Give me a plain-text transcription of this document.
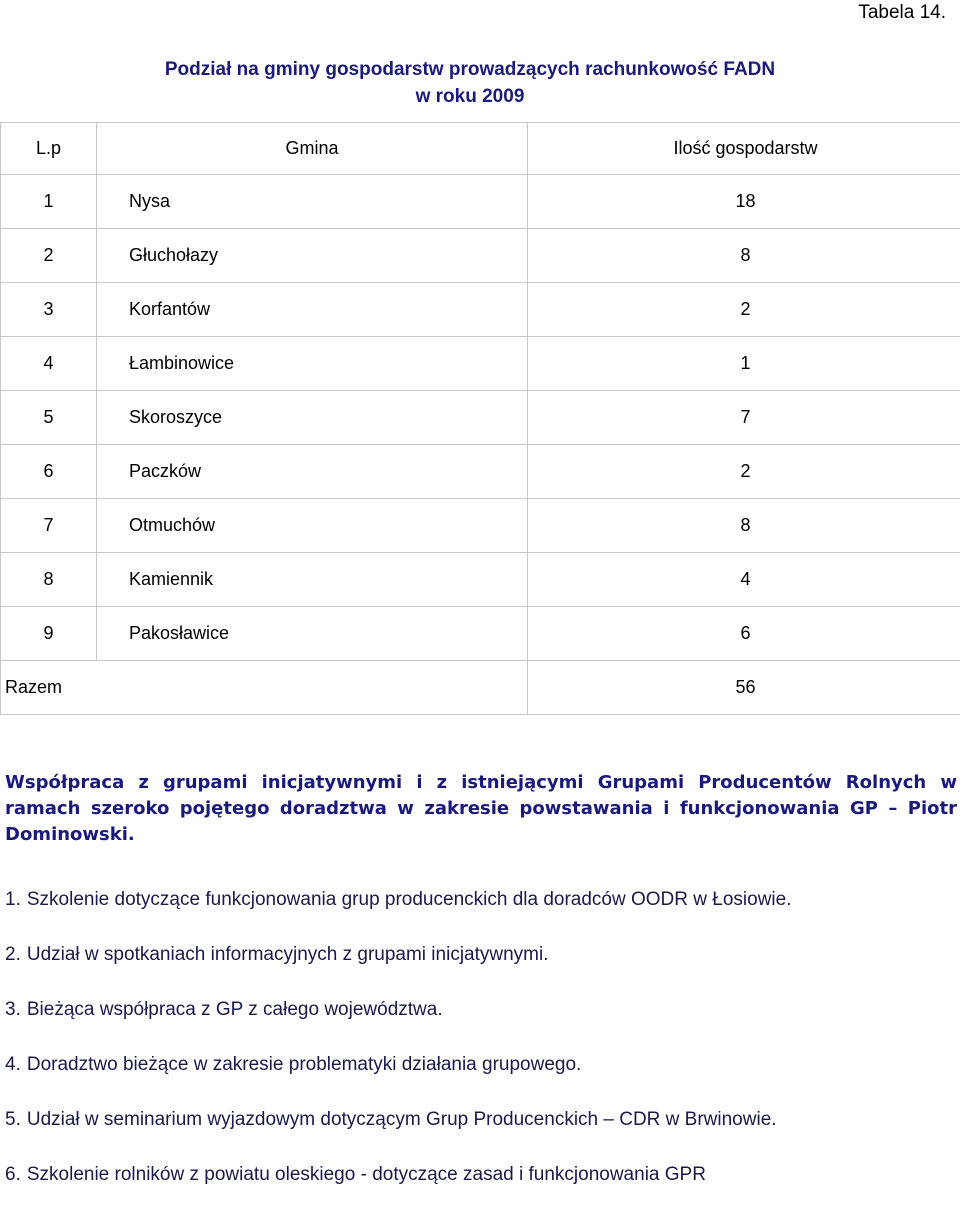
Tabela 14.
Podział na gminy gospodarstw prowadzących rachunkowość FADN
w roku 2009
L.p	Gmina	Ilość gospodarstw
1	Nysa	18
2	Głuchołazy	8
3	Korfantów	2
4	Łambinowice	1
5	Skoroszyce	7
6	Paczków	2
7	Otmuchów	8
8	Kamiennik	4
9	Pakosławice	6
Razem		56
Współpraca z grupami inicjatywnymi i z istniejącymi Grupami Producentów Rolnych w ramach szeroko pojętego doradztwa w zakresie powstawania i funkcjonowania GP – Piotr Dominowski.
1. Szkolenie dotyczące funkcjonowania grup producenckich dla doradców OODR w Łosiowie.
2. Udział w spotkaniach informacyjnych z grupami inicjatywnymi.
3. Bieżąca współpraca z GP z całego województwa.
4. Doradztwo bieżące w zakresie problematyki działania grupowego.
5. Udział w seminarium wyjazdowym dotyczącym Grup Producenckich – CDR w Brwinowie.
6. Szkolenie rolników z powiatu oleskiego - dotyczące zasad i funkcjonowania GPR
